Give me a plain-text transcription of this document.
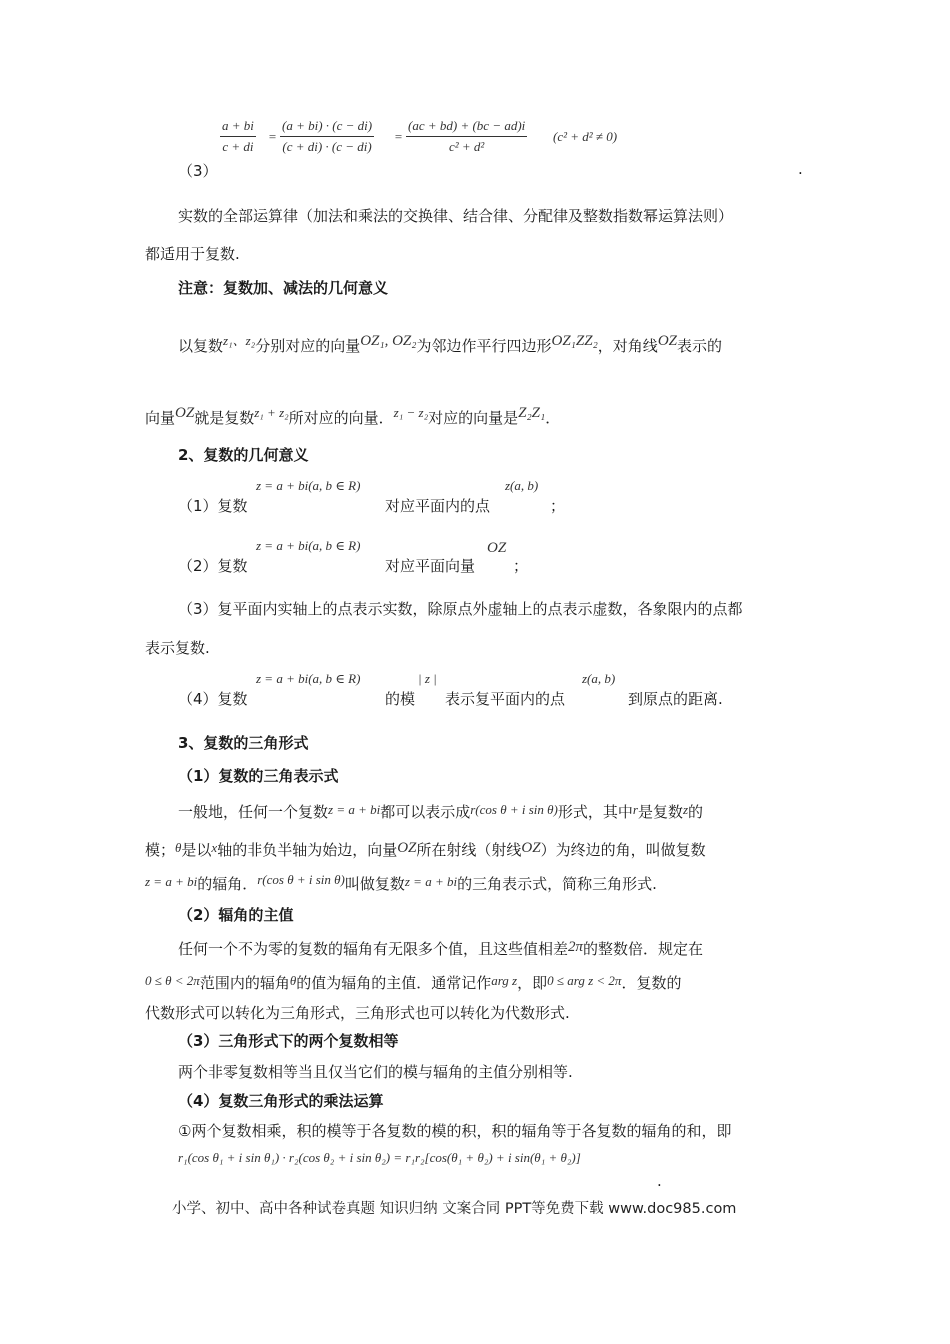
$\frac{a + bi}{c + di} = \frac{(a + bi) \cdot (c - di)}{(c + di) \cdot (c - di)} = \frac{(ac + bd) + (bc - ad)i}{\text{c² + d²}} (c^2 + d^2 \ne 0)$
（3）	.
实数的全部运算律（加法和乘法的交换律、结合律、分配律及整数指数幂运算法则）
都适用于复数.
注意：复数加、减法的几何意义
以复数z₁、z₂分别对应的向量OZ₁, OZ₂为邻边作平行四边形OZ₁ZZ₂，对角线OZ表示的
向量OZ就是复数z₁ + z₂所对应的向量．z₁ − z₂对应的向量是Z₂Z₁．
2、复数的几何意义
（1）复数
z = a + bi(a, b ∈ R)
对应平面内的点
z(a, b)
；
（2）复数
z = a + bi(a, b ∈ R)
对应平面向量
OZ
；
（3）复平面内实轴上的点表示实数，除原点外虚轴上的点表示虚数，各象限内的点都
表示复数.
（4）复数
z = a + bi(a, b ∈ R)
的模
| z |
表示复平面内的点
z(a, b)
到原点的距离.
3、复数的三角形式
（1）复数的三角表示式
一般地，任何一个复数z = a + bi都可以表示成r(cos θ + i sin θ)形式，其中r是复数z的
模；θ是以x轴的非负半轴为始边，向量OZ所在射线（射线OZ）为终边的角，叫做复数
z = a + bi的辐角．r(cos θ + i sin θ)叫做复数z = a + bi的三角表示式，简称三角形式.
（2）辐角的主值
任何一个不为零的复数的辐角有无限多个值，且这些值相差2π的整数倍．规定在
0 ≤ θ < 2π范围内的辐角θ的值为辐角的主值．通常记作arg z，即0 ≤ arg z < 2π．复数的
代数形式可以转化为三角形式，三角形式也可以转化为代数形式.
（3）三角形式下的两个复数相等
两个非零复数相等当且仅当它们的模与辐角的主值分别相等.
（4）复数三角形式的乘法运算
①两个复数相乘，积的模等于各复数的模的积，积的辐角等于各复数的辐角的和，即
r₁(cos θ₁ + i sin θ₁) · r₂(cos θ₂ + i sin θ₂) = r₁r₂[cos(θ₁ + θ₂) + i sin(θ₁ + θ₂)]
.
小学、初中、高中各种试卷真题 知识归纳 文案合同 PPT等免费下载 www.doc985.com
